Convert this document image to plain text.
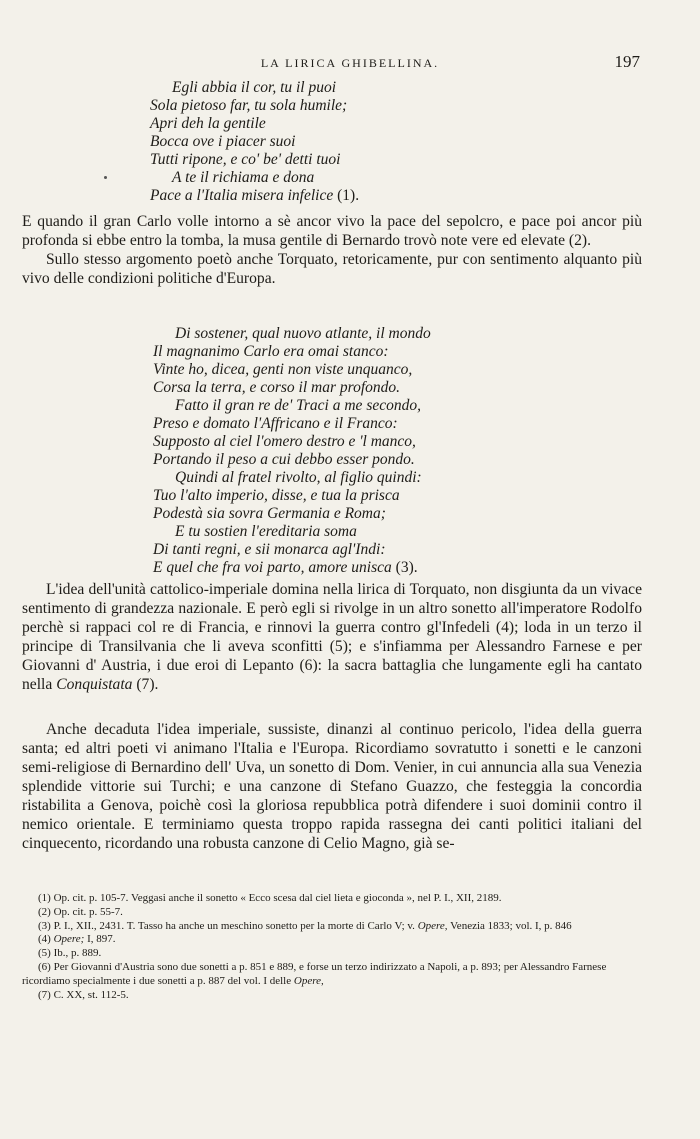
LA LIRICA GHIBELLINA.	197
Egli abbia il cor, tu il puoi
Sola pietoso far, tu sola humile;
Apri deh la gentile
Bocca ove i piacer suoi
Tutti ripone, e co' be' detti tuoi
A te il richiama e dona
Pace a l'Italia misera infelice (1).

E quando il gran Carlo volle intorno a sè ancor vivo la pace del sepolcro, e pace poi ancor più profonda si ebbe entro la tomba, la musa gentile di Bernardo trovò note vere ed elevate (2).

Sullo stesso argomento poetò anche Torquato, retoricamente, pur con sentimento alquanto più vivo delle condizioni politiche d'Europa.

Di sostener, qual nuovo atlante, il mondo
Il magnanimo Carlo era omai stanco:
Vinte ho, dicea, genti non viste unquanco,
Corsa la terra, e corso il mar profondo.
Fatto il gran re de' Traci a me secondo,
Preso e domato l'Affricano e il Franco:
Supposto al ciel l'omero destro e 'l manco,
Portando il peso a cui debbo esser pondo.
Quindi al fratel rivolto, al figlio quindi:
Tuo l'alto imperio, disse, e tua la prisca
Podestà sia sovra Germania e Roma;
E tu sostien l'ereditaria soma
Di tanti regni, e sii monarca agl'Indi:
E quel che fra voi parto, amore unisca (3).

L'idea dell'unità cattolico-imperiale domina nella lirica di Torquato, non disgiunta da un vivace sentimento di grandezza nazionale. E però egli si rivolge in un altro sonetto all'imperatore Rodolfo perchè si rappaci col re di Francia, e rinnovi la guerra contro gl'Infedeli (4); loda in un terzo il principe di Transilvania che li aveva sconfitti (5); e s'infiamma per Alessandro Farnese e per Giovanni d' Austria, i due eroi di Lepanto (6): la sacra battaglia che lungamente egli ha cantato nella Conquistata (7).

Anche decaduta l'idea imperiale, sussiste, dinanzi al continuo pericolo, l'idea della guerra santa; ed altri poeti vi animano l'Italia e l'Europa. Ricordiamo sovratutto i sonetti e le canzoni semi-religiose di Bernardino dell' Uva, un sonetto di Dom. Venier, in cui annuncia alla sua Venezia splendide vittorie sui Turchi; e una canzone di Stefano Guazzo, che festeggia la concordia ristabilita a Genova, poichè così la gloriosa repubblica potrà difendere i suoi dominii contro il nemico orientale. E terminiamo questa troppo rapida rassegna dei canti politici italiani del cinquecento, ricordando una robusta canzone di Celio Magno, già se-

(1) Op. cit. p. 105-7. Veggasi anche il sonetto « Ecco scesa dal ciel lieta e gioconda », nel P. I., XII, 2189.

(2) Op. cit. p. 55-7.

(3) P. I., XII., 2431. T. Tasso ha anche un meschino sonetto per la morte di Carlo V; v. Opere, Venezia 1833; vol. I, p. 846

(4) Opere; I, 897.

(5) Ib., p. 889.

(6) Per Giovanni d'Austria sono due sonetti a p. 851 e 889, e forse un terzo indirizzato a Napoli, a p. 893; per Alessandro Farnese ricordiamo specialmente i due sonetti a p. 887 del vol. I delle Opere,

(7) C. XX, st. 112-5.
